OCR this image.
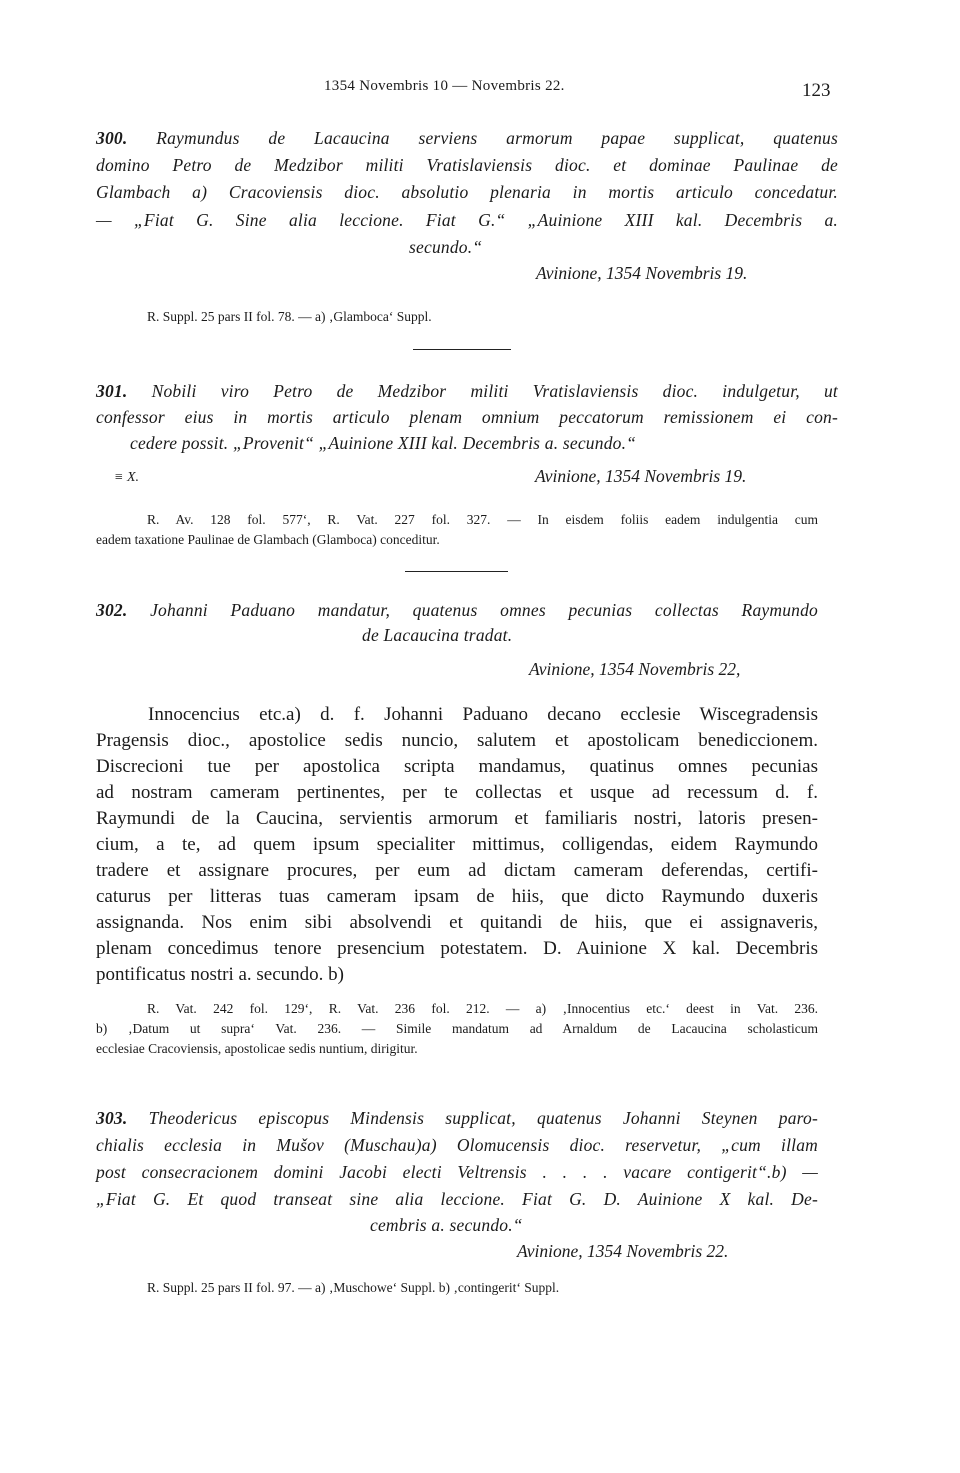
1354 Novembris 10 — Novembris 22.	123
300. Raymundus de Lacaucina serviens armorum papae supplicat, quatenus
domino Petro de Medzibor militi Vratislaviensis dioc. et dominae Paulinae de
Glambach a) Cracoviensis dioc. absolutio plenaria in mortis articulo concedatur.
— „Fiat G. Sine alia leccione. Fiat G.“ „Auinione XIII kal. Decembris a.
secundo.“
Avinione, 1354 Novembris 19.
R. Suppl. 25 pars II fol. 78. — a) ‚Glamboca‘ Suppl.
301. Nobili viro Petro de Medzibor militi Vratislaviensis dioc. indulgetur, ut
confessor eius in mortis articulo plenam omnium peccatorum remissionem ei con-
cedere possit. „Provenit“ „Auinione XIII kal. Decembris a. secundo.“
≡ X.	Avinione, 1354 Novembris 19.
R. Av. 128 fol. 577‘, R. Vat. 227 fol. 327. — In eisdem foliis eadem indulgentia cum
eadem taxatione Paulinae de Glambach (Glamboca) conceditur.
302. Johanni Paduano mandatur, quatenus omnes pecunias collectas Raymundo
de Lacaucina tradat.
Avinione, 1354 Novembris 22,
Innocencius etc.a) d. f. Johanni Paduano decano ecclesie Wiscegradensis
Pragensis dioc., apostolice sedis nuncio, salutem et apostolicam benediccionem.
Discrecioni tue per apostolica scripta mandamus, quatinus omnes pecunias
ad nostram cameram pertinentes, per te collectas et usque ad recessum d. f.
Raymundi de la Caucina, servientis armorum et familiaris nostri, latoris presen-
cium, a te, ad quem ipsum specialiter mittimus, colligendas, eidem Raymundo
tradere et assignare procures, per eum ad dictam cameram deferendas, certifi-
caturus per litteras tuas cameram ipsam de hiis, que dicto Raymundo duxeris
assignanda. Nos enim sibi absolvendi et quitandi de hiis, que ei assignaveris,
plenam concedimus tenore presencium potestatem. D. Auinione X kal. Decembris
pontificatus nostri a. secundo. b)
R. Vat. 242 fol. 129‘, R. Vat. 236 fol. 212. — a) ‚Innocentius etc.‘ deest in Vat. 236.
b) ‚Datum ut supra‘ Vat. 236. — Simile mandatum ad Arnaldum de Lacaucina scholasticum
ecclesiae Cracoviensis, apostolicae sedis nuntium, dirigitur.
303. Theodericus episcopus Mindensis supplicat, quatenus Johanni Steynen paro-
chialis ecclesia in Mušov (Muschau)a) Olomucensis dioc. reservetur, „cum illam
post consecracionem domini Jacobi electi Veltrensis . . . . vacare contigerit“.b) —
„Fiat G. Et quod transeat sine alia leccione. Fiat G. D. Auinione X kal. De-
cembris a. secundo.“
Avinione, 1354 Novembris 22.
R. Suppl. 25 pars II fol. 97. — a) ‚Muschowe‘ Suppl. b) ‚contingerit‘ Suppl.
